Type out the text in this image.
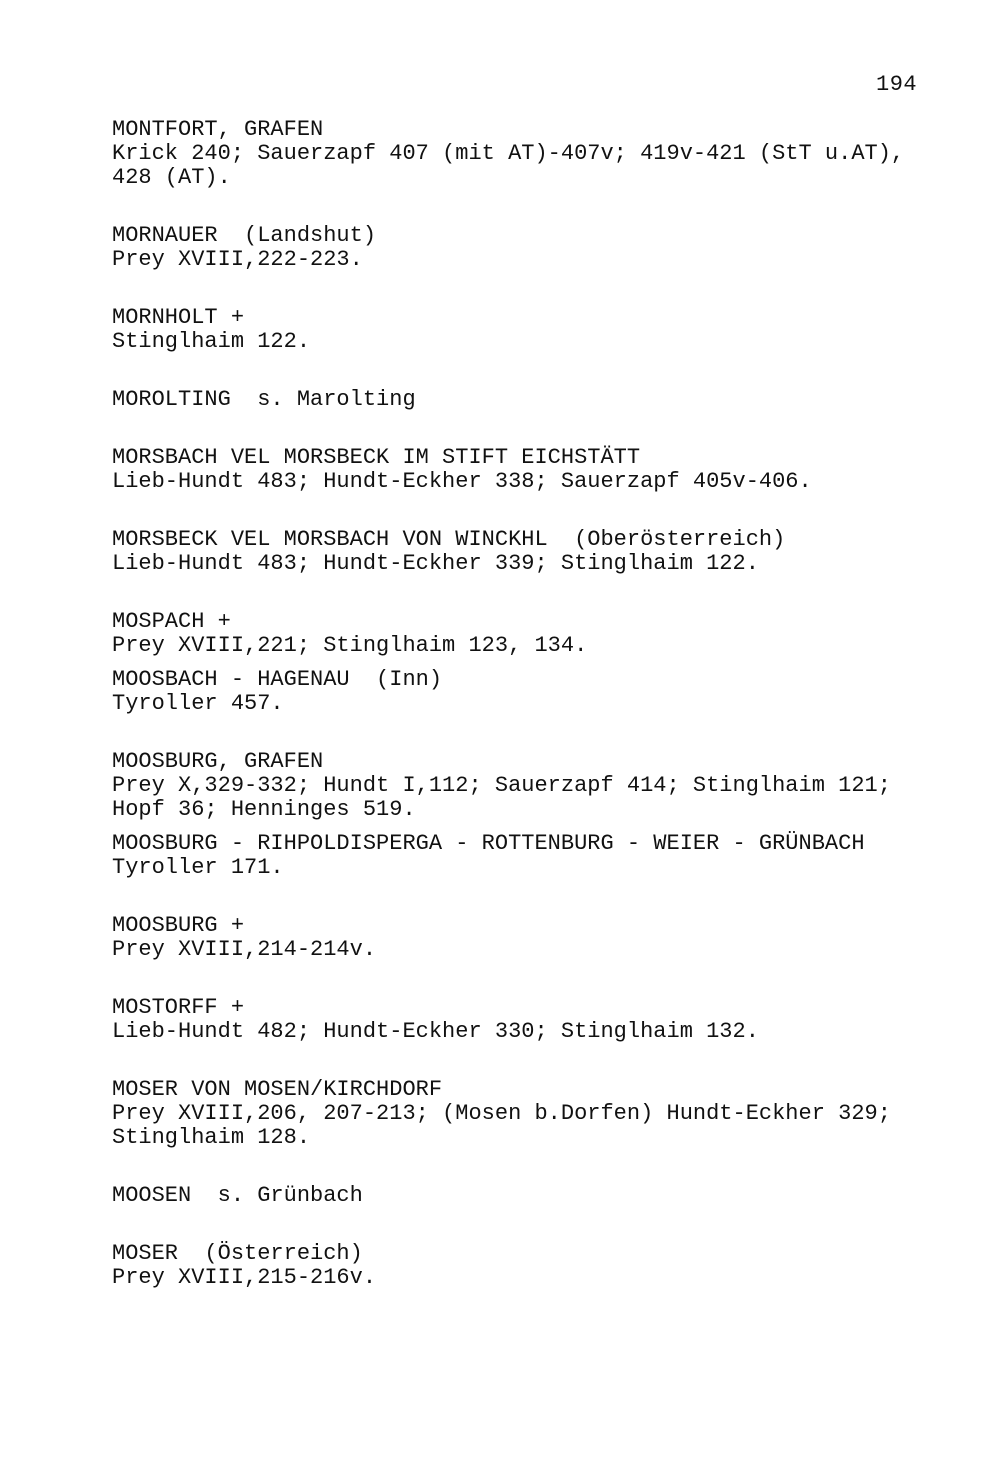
194

MONTFORT, GRAFEN

Krick 240; Sauerzapf 407 (mit AT)-407v; 419v-421 (StT u.AT),

428 (AT).

MORNAUER  (Landshut)

Prey XVIII,222-223.

MORNHOLT +

Stinglhaim 122.

MOROLTING  s. Marolting

MORSBACH VEL MORSBECK IM STIFT EICHSTÄTT

Lieb-Hundt 483; Hundt-Eckher 338; Sauerzapf 405v-406.

MORSBECK VEL MORSBACH VON WINCKHL  (Oberösterreich)

Lieb-Hundt 483; Hundt-Eckher 339; Stinglhaim 122.

MOSPACH +

Prey XVIII,221; Stinglhaim 123, 134.

MOOSBACH - HAGENAU  (Inn)

Tyroller 457.

MOOSBURG, GRAFEN

Prey X,329-332; Hundt I,112; Sauerzapf 414; Stinglhaim 121;

Hopf 36; Henninges 519.

MOOSBURG - RIHPOLDISPERGA - ROTTENBURG - WEIER - GRÜNBACH

Tyroller 171.

MOOSBURG +

Prey XVIII,214-214v.

MOSTORFF +

Lieb-Hundt 482; Hundt-Eckher 330; Stinglhaim 132.

MOSER VON MOSEN/KIRCHDORF

Prey XVIII,206, 207-213; (Mosen b.Dorfen) Hundt-Eckher 329;

Stinglhaim 128.

MOOSEN  s. Grünbach

MOSER  (Österreich)

Prey XVIII,215-216v.
